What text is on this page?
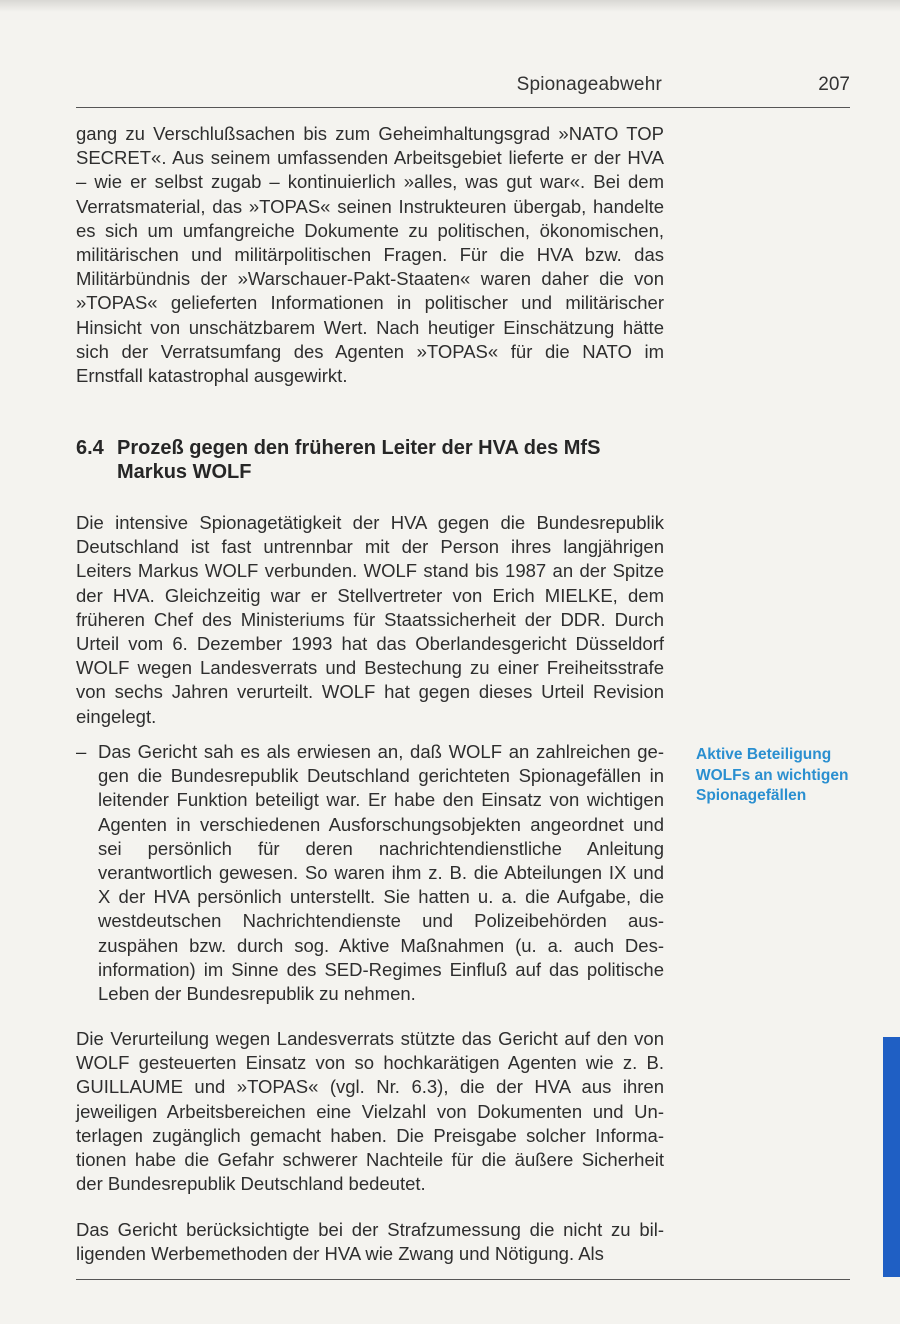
Spionageabwehr	207

gang zu Verschlußsachen bis zum Geheimhaltungsgrad »NATO TOP SECRET«. Aus seinem umfassenden Arbeitsgebiet lieferte er der HVA – wie er selbst zugab – kontinuierlich »alles, was gut war«. Bei dem Verratsmaterial, das »TOPAS« seinen Instrukteuren übergab, handelte es sich um umfangreiche Dokumente zu politischen, ökonomischen, militärischen und militärpolitischen Fragen. Für die HVA bzw. das Militärbündnis der »Warschauer-Pakt-Staaten« waren daher die von »TOPAS« gelieferten Informationen in politischer und militärischer Hinsicht von unschätzbarem Wert. Nach heutiger Einschätzung hätte sich der Verratsumfang des Agenten »TOPAS« für die NATO im Ernstfall katastrophal ausgewirkt.

6.4 Prozeß gegen den früheren Leiter der HVA des MfS
Markus WOLF

Die intensive Spionagetätigkeit der HVA gegen die Bundesrepublik Deutschland ist fast untrennbar mit der Person ihres langjährigen Leiters Markus WOLF verbunden. WOLF stand bis 1987 an der Spitze der HVA. Gleichzeitig war er Stellvertreter von Erich MIELKE, dem früheren Chef des Ministeriums für Staatssicherheit der DDR. Durch Urteil vom 6. Dezember 1993 hat das Oberlandesgericht Düsseldorf WOLF wegen Landesverrats und Bestechung zu einer Freiheitsstrafe von sechs Jahren verurteilt. WOLF hat gegen dieses Urteil Revision eingelegt.

– Das Gericht sah es als erwiesen an, daß WOLF an zahlreichen gegen die Bundesrepublik Deutschland gerichteten Spionagefällen in leitender Funktion beteiligt war. Er habe den Einsatz von wichtigen Agenten in verschiedenen Ausforschungsobjekten angeordnet und sei persönlich für deren nachrichtendienstliche Anleitung verantwortlich gewesen. So waren ihm z. B. die Abteilungen IX und X der HVA persönlich unterstellt. Sie hatten u. a. die Aufgabe, die westdeutschen Nachrichtendienste und Polizeibehörden auszuspähen bzw. durch sog. Aktive Maßnahmen (u. a. auch Desinformation) im Sinne des SED-Regimes Einfluß auf das politische Leben der Bundesrepublik zu nehmen.

Aktive Beteiligung WOLFs an wichtigen Spionagefällen

Die Verurteilung wegen Landesverrats stützte das Gericht auf den von WOLF gesteuerten Einsatz von so hochkarätigen Agenten wie z. B. GUILLAUME und »TOPAS« (vgl. Nr. 6.3), die der HVA aus ihren jeweiligen Arbeitsbereichen eine Vielzahl von Dokumenten und Unterlagen zugänglich gemacht haben. Die Preisgabe solcher Informationen habe die Gefahr schwerer Nachteile für die äußere Sicherheit der Bundesrepublik Deutschland bedeutet.

Das Gericht berücksichtigte bei der Strafzumessung die nicht zu billigenden Werbemethoden der HVA wie Zwang und Nötigung. Als
